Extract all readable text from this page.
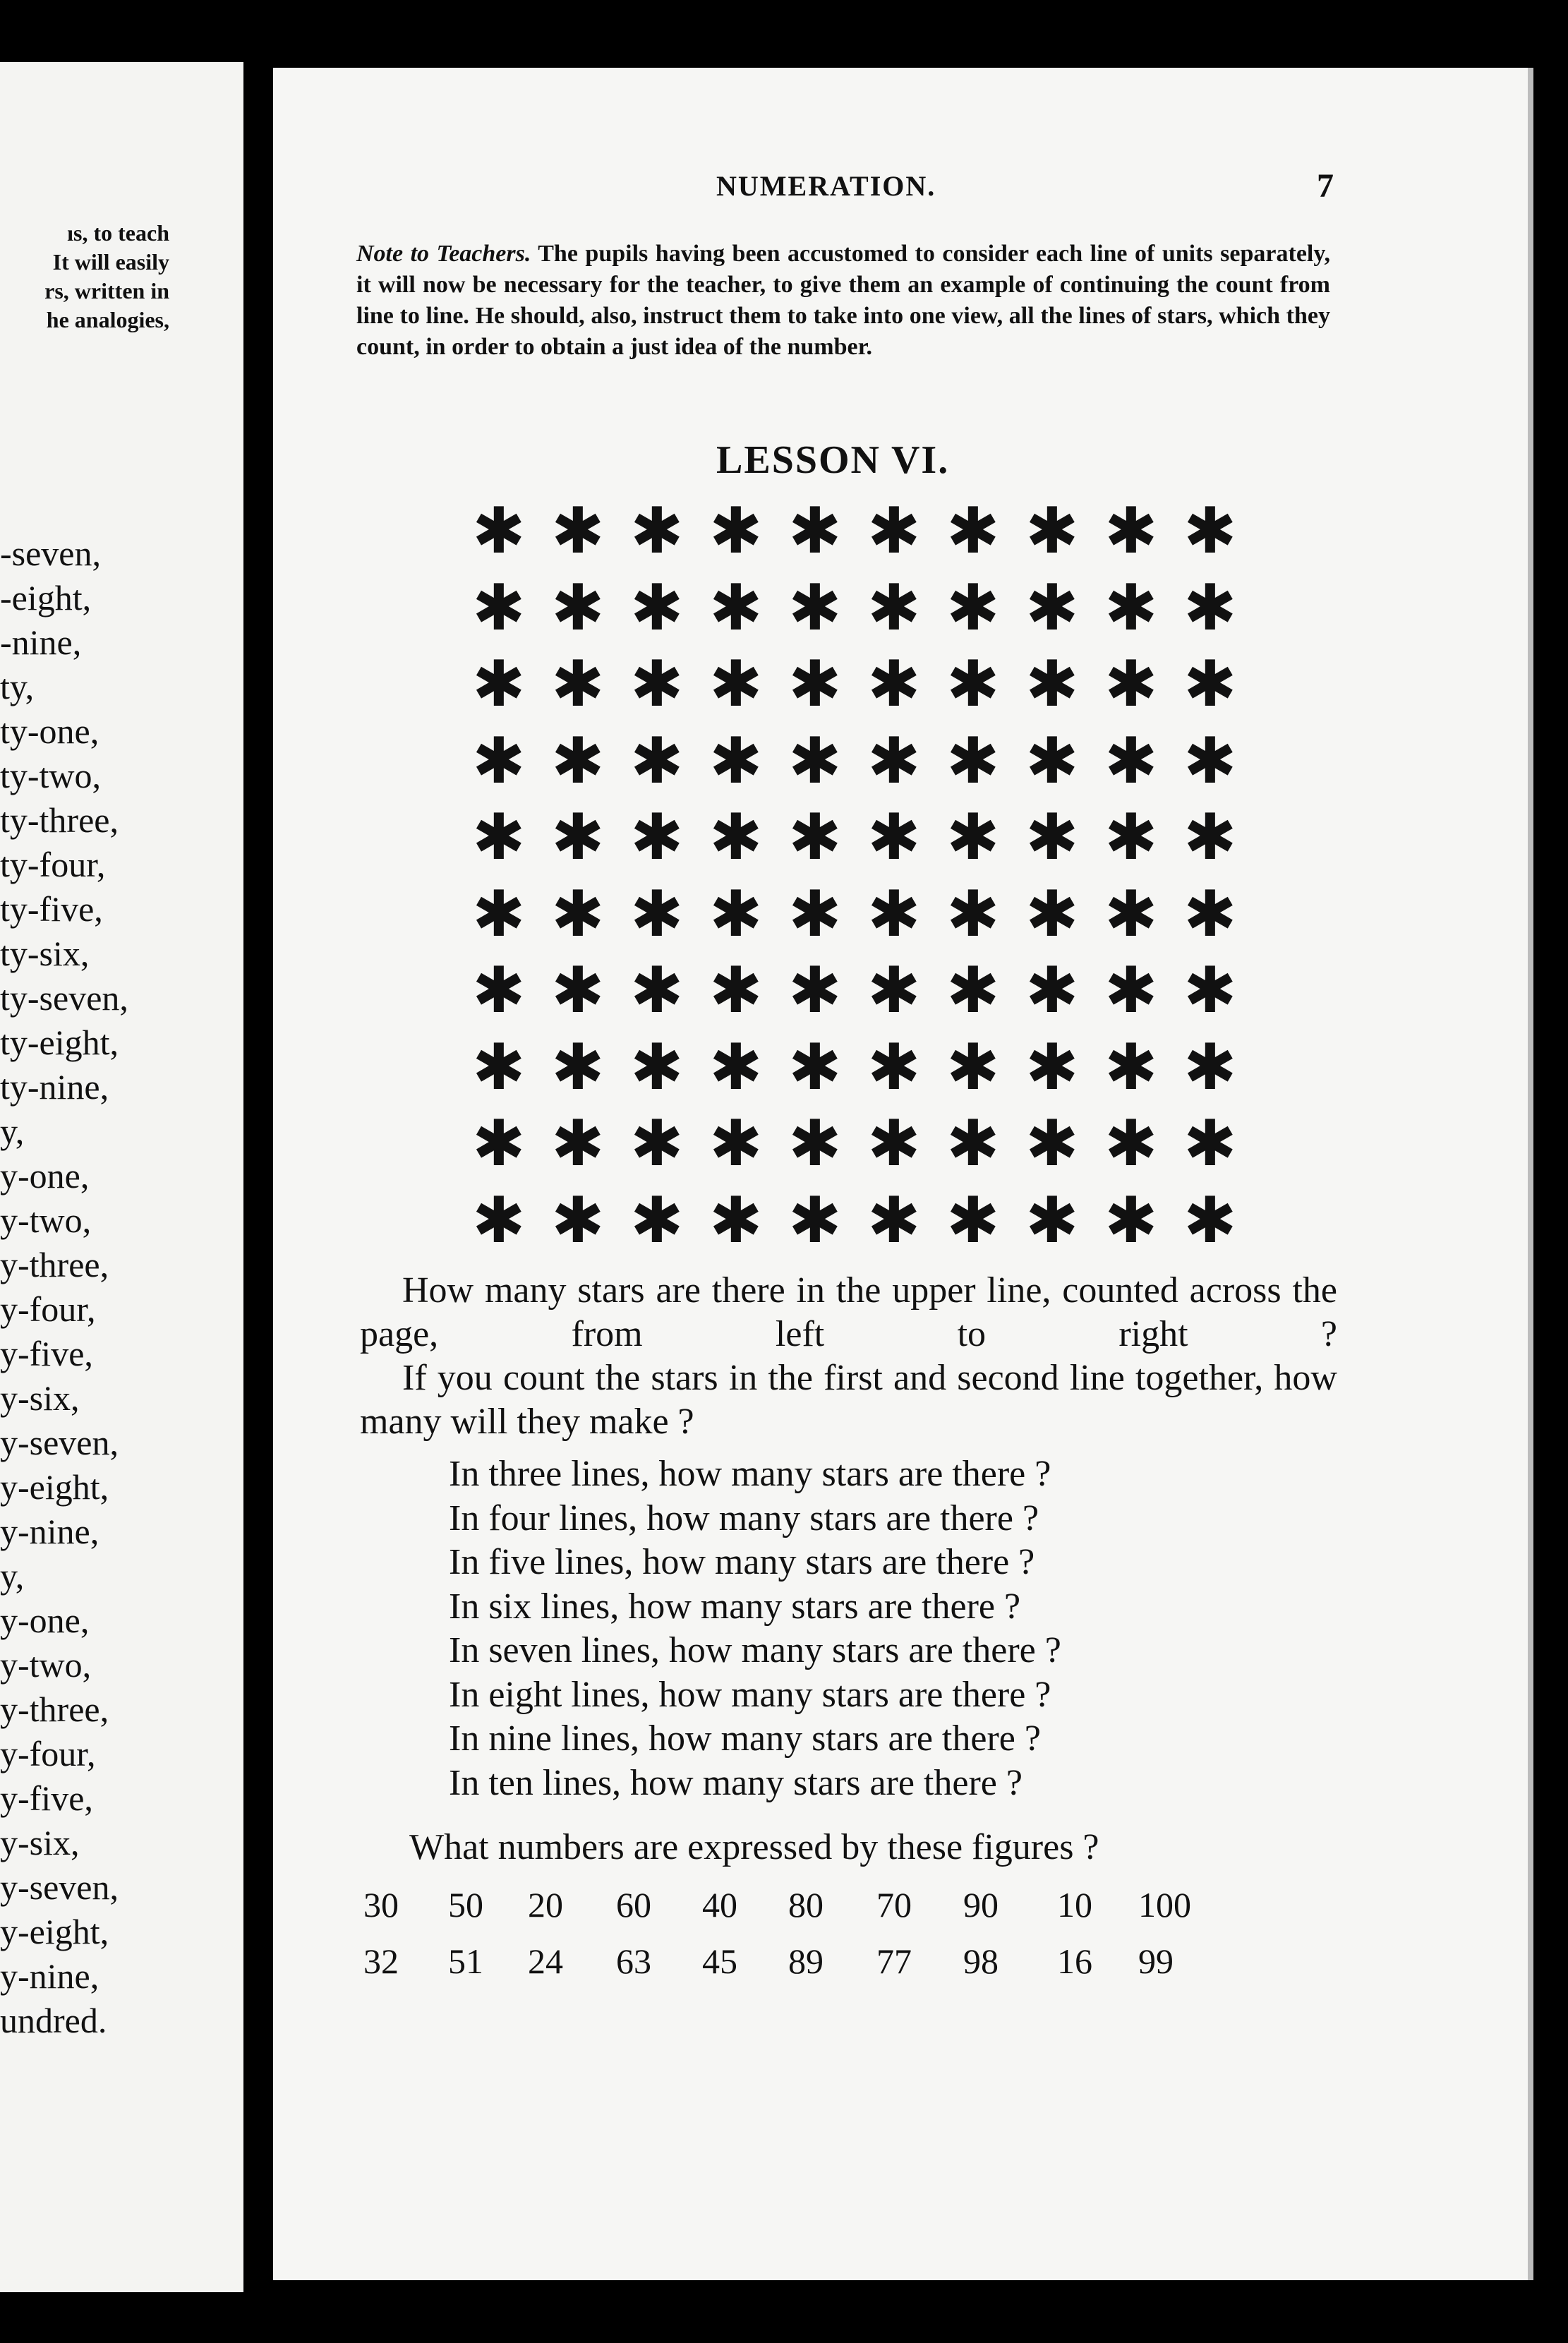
ıs, to teach
It will easily
rs, written in
he analogies,
-seven,
-eight,
-nine,
ty,
ty-one,
ty-two,
ty-three,
ty-four,
ty-five,
ty-six,
ty-seven,
ty-eight,
ty-nine,
y,
y-one,
y-two,
y-three,
y-four,
y-five,
y-six,
y-seven,
y-eight,
y-nine,
y,
y-one,
y-two,
y-three,
y-four,
y-five,
y-six,
y-seven,
y-eight,
y-nine,
undred.
NUMERATION.	7
Note to Teachers. The pupils having been accustomed to consider each line of units separately, it will now be necessary for the teacher, to give them an example of continuing the count from line to line. He should, also, instruct them to take into one view, all the lines of stars, which they count, in order to obtain a just idea of the number.
LESSON VI.
✱ ✱ ✱ ✱ ✱ ✱ ✱ ✱ ✱ ✱
✱ ✱ ✱ ✱ ✱ ✱ ✱ ✱ ✱ ✱
✱ ✱ ✱ ✱ ✱ ✱ ✱ ✱ ✱ ✱
✱ ✱ ✱ ✱ ✱ ✱ ✱ ✱ ✱ ✱
✱ ✱ ✱ ✱ ✱ ✱ ✱ ✱ ✱ ✱
✱ ✱ ✱ ✱ ✱ ✱ ✱ ✱ ✱ ✱
✱ ✱ ✱ ✱ ✱ ✱ ✱ ✱ ✱ ✱
✱ ✱ ✱ ✱ ✱ ✱ ✱ ✱ ✱ ✱
✱ ✱ ✱ ✱ ✱ ✱ ✱ ✱ ✱ ✱
✱ ✱ ✱ ✱ ✱ ✱ ✱ ✱ ✱ ✱
How many stars are there in the upper line, counted across the page, from left to right ?
If you count the stars in the first and second line together, how many will they make ?
In three lines, how many stars are there ?
In four lines, how many stars are there ?
In five lines, how many stars are there ?
In six lines, how many stars are there ?
In seven lines, how many stars are there ?
In eight lines, how many stars are there ?
In nine lines, how many stars are there ?
In ten lines, how many stars are there ?
What numbers are expressed by these figures ?
30 50 20 60 40 80 70 90 10 100
32 51 24 63 45 89 77 98 16 99
